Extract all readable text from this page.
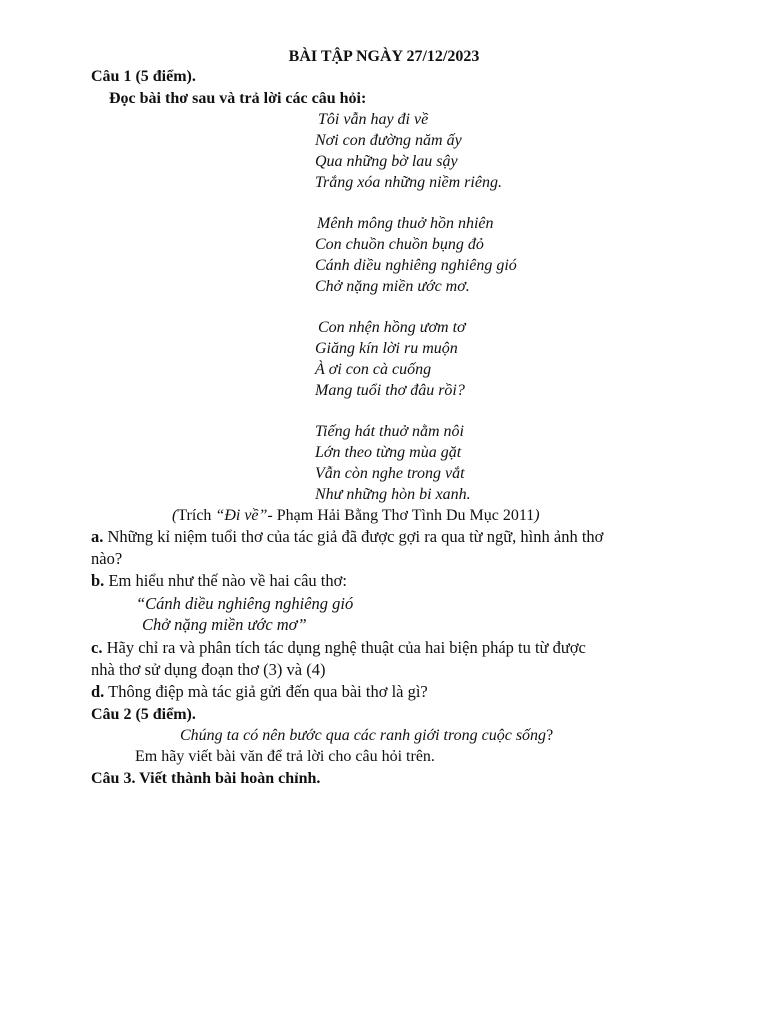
BÀI TẬP NGÀY 27/12/2023
Câu 1 (5 điểm).
Đọc bài thơ sau và trả lời các câu hỏi:
Tôi vẫn hay đi về
Nơi con đường năm ấy
Qua những bờ lau sậy
Trắng xóa những niềm riêng.
Mênh mông thuở hồn nhiên
Con chuồn chuồn bụng đỏ
Cánh diều nghiêng nghiêng gió
Chở nặng miền ước mơ.
Con nhện hồng ươm tơ
Giăng kín lời ru muộn
À ơi con cà cuống
Mang tuổi thơ đâu rồi?
Tiếng hát thuở nằm nôi
Lớn theo từng mùa gặt
Vẫn còn nghe trong vắt
Như những hòn bi xanh.
(Trích “Đi về”- Phạm Hải Bằng Thơ Tình Du Mục 2011)
a. Những kỉ niệm tuổi thơ của tác giả đã được gợi ra qua từ ngữ, hình ảnh thơ
nào?
b. Em hiểu như thế nào về hai câu thơ:
“Cánh diều nghiêng nghiêng gió
Chở nặng miền ước mơ”
c. Hãy chỉ ra và phân tích tác dụng nghệ thuật của hai biện pháp tu từ được
nhà thơ sử dụng đoạn thơ (3) và (4)
d. Thông điệp mà tác giả gửi đến qua bài thơ là gì?
Câu 2 (5 điểm).
Chúng ta có nên bước qua các ranh giới trong cuộc sống?
Em hãy viết bài văn để trả lời cho câu hỏi trên.
Câu 3. Viết thành bài hoàn chỉnh.
